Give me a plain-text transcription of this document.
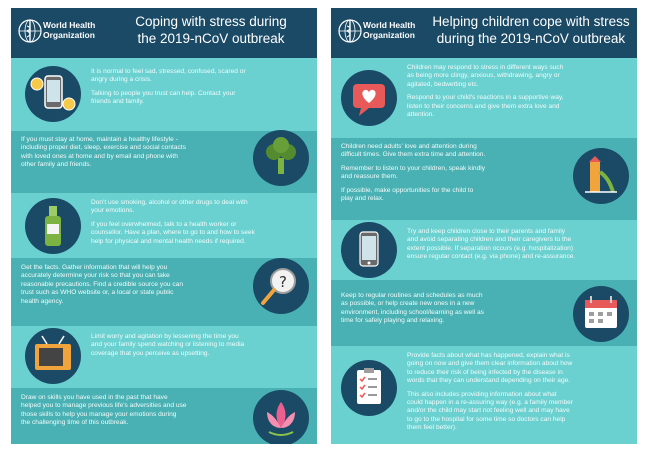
World Health
Organization
Coping with stress during
the 2019-nCoV outbreak
?

It is normal to feel sad, stressed, confused, scared or
angry during a crisis.

Talking to people you trust can help. Contact your
friends and family.

If you must stay at home, maintain a healthy lifestyle -
including proper diet, sleep, exercise and social contacts
with loved ones at home and by email and phone with
other family and friends.

Don't use smoking, alcohol or other drugs to deal with
your emotions.

If you feel overwhelmed, talk to a health worker or
counsellor. Have a plan, where to go to and how to seek
help for physical and mental health needs if required.

Get the facts. Gather information that will help you
accurately determine your risk so that you can take
reasonable precautions. Find a credible source you can
trust such as WHO website or, a local or state public
health agency.

Limit worry and agitation by lessening the time you
and your family spend watching or listening to media
coverage that you perceive as upsetting.

Draw on skills you have used in the past that have
helped you to manage previous life's adversities and use
those skills to help you manage your emotions during
the challenging time of this outbreak.

World Health
Organization
Helping children cope with stress
during the 2019-nCoV outbreak

Children may respond to stress in different ways such
as being more clingy, anxious, withdrawing, angry or
agitated, bedwetting etc.

Respond to your child's reactions in a supportive way,
listen to their concerns and give them extra love and
attention.

Children need adults' love and attention during
difficult times. Give them extra time and attention.

Remember to listen to your children, speak kindly
and reassure them.

If possible, make opportunities for the child to
play and relax.

Try and keep children close to their parents and family
and avoid separating children and their caregivers to the
extent possible. If separation occurs (e.g. hospitalization)
ensure regular contact (e.g. via phone) and re-assurance.

Keep to regular routines and schedules as much
as possible, or help create new ones in a new
environment, including school/learning as well as
time for safely playing and relaxing.

Provide facts about what has happened, explain what is
going on now and give them clear information about how
to reduce their risk of being infected by the disease in
words that they can understand depending on their age.

This also includes providing information about what
could happen in a re-assuring way (e.g. a family member
and/or the child may start not feeling well and may have
to go to the hospital for some time so doctors can help
them feel better).
